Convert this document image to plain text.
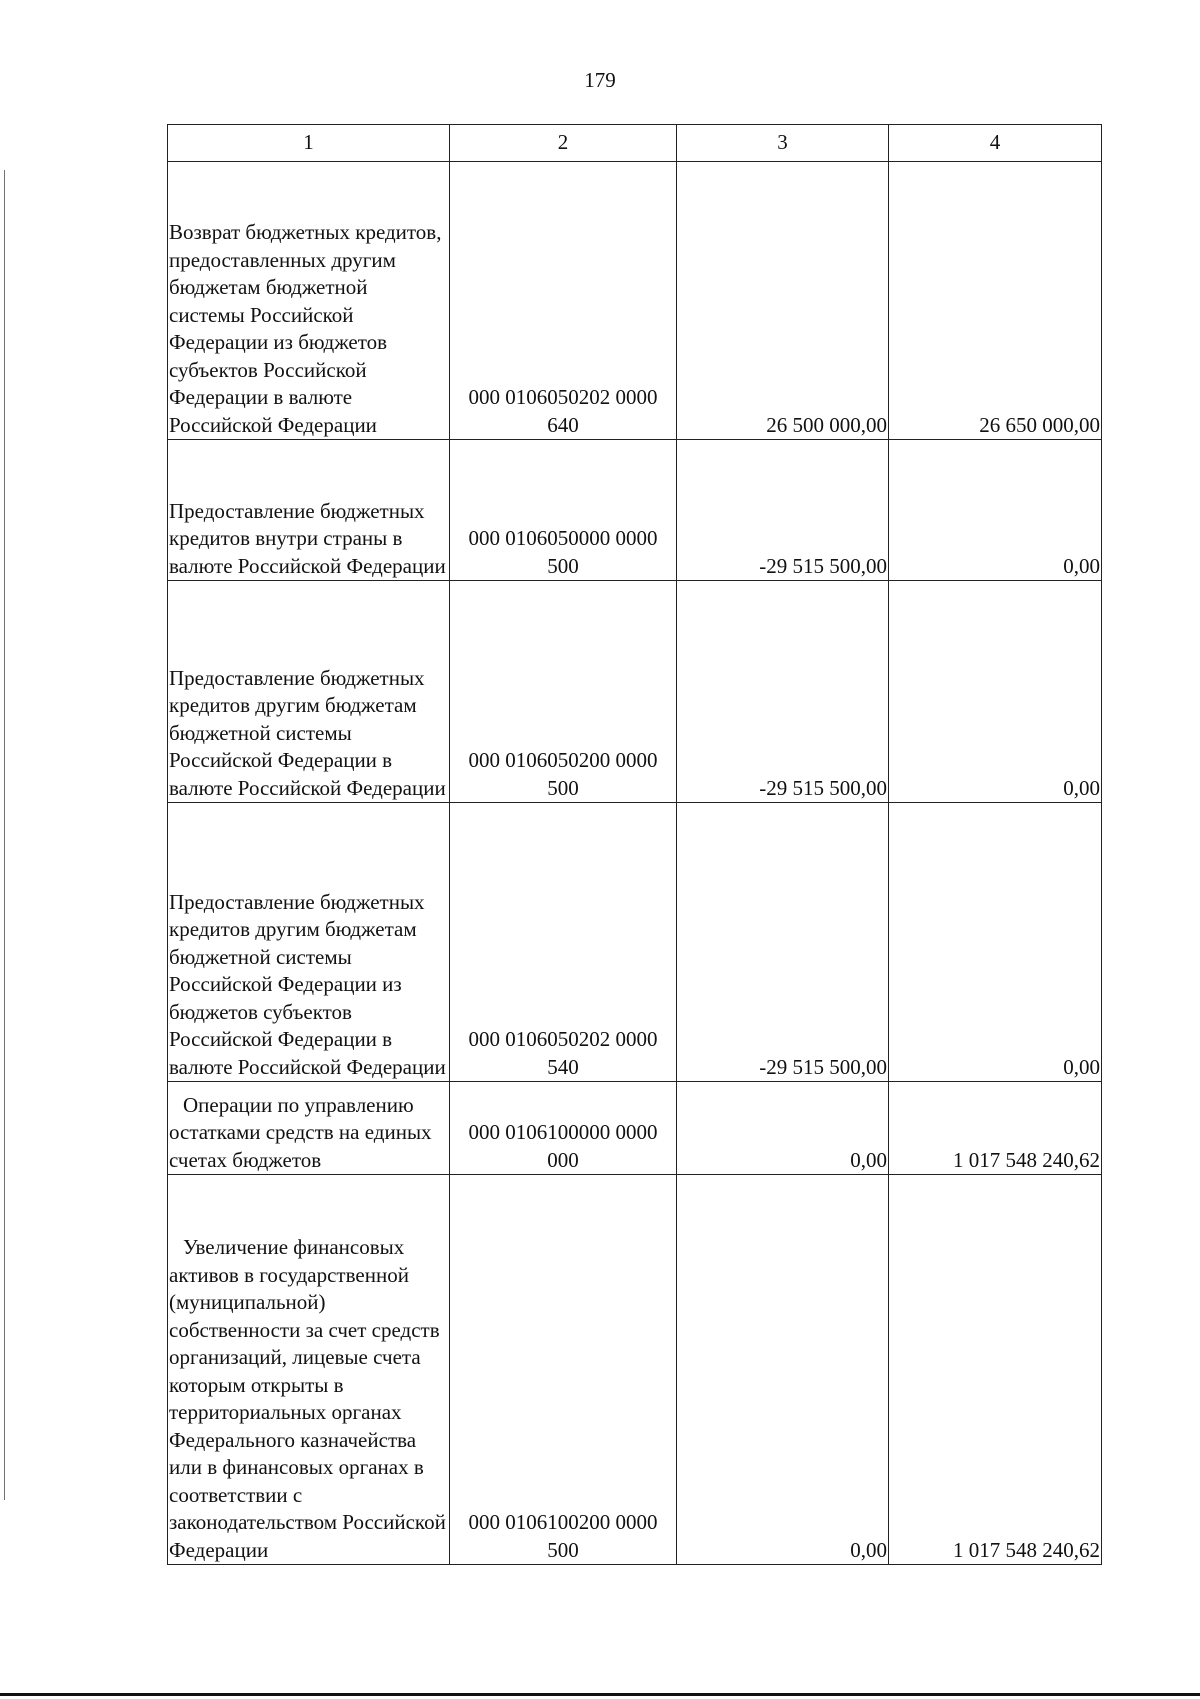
179
1	2	3	4
Возврат бюджетных кредитов, предоставленных другим бюджетам бюджетной системы Российской Федерации из бюджетов субъектов Российской Федерации в валюте Российской Федерации	000 0106050202 0000 640	26 500 000,00	26 650 000,00
Предоставление бюджетных кредитов внутри страны в валюте Российской Федерации	000 0106050000 0000 500	-29 515 500,00	0,00
Предоставление бюджетных кредитов другим бюджетам бюджетной системы Российской Федерации в валюте Российской Федерации	000 0106050200 0000 500	-29 515 500,00	0,00
Предоставление бюджетных кредитов другим бюджетам бюджетной системы Российской Федерации из бюджетов субъектов Российской Федерации в валюте Российской Федерации	000 0106050202 0000 540	-29 515 500,00	0,00
Операции по управлению остатками средств на единых счетах бюджетов	000 0106100000 0000 000	0,00	1 017 548 240,62
Увеличение финансовых активов в государственной (муниципальной) собственности за счет средств организаций, лицевые счета которым открыты в территориальных органах Федерального казначейства или в финансовых органах в соответствии с законодательством Российской Федерации	000 0106100200 0000 500	0,00	1 017 548 240,62
